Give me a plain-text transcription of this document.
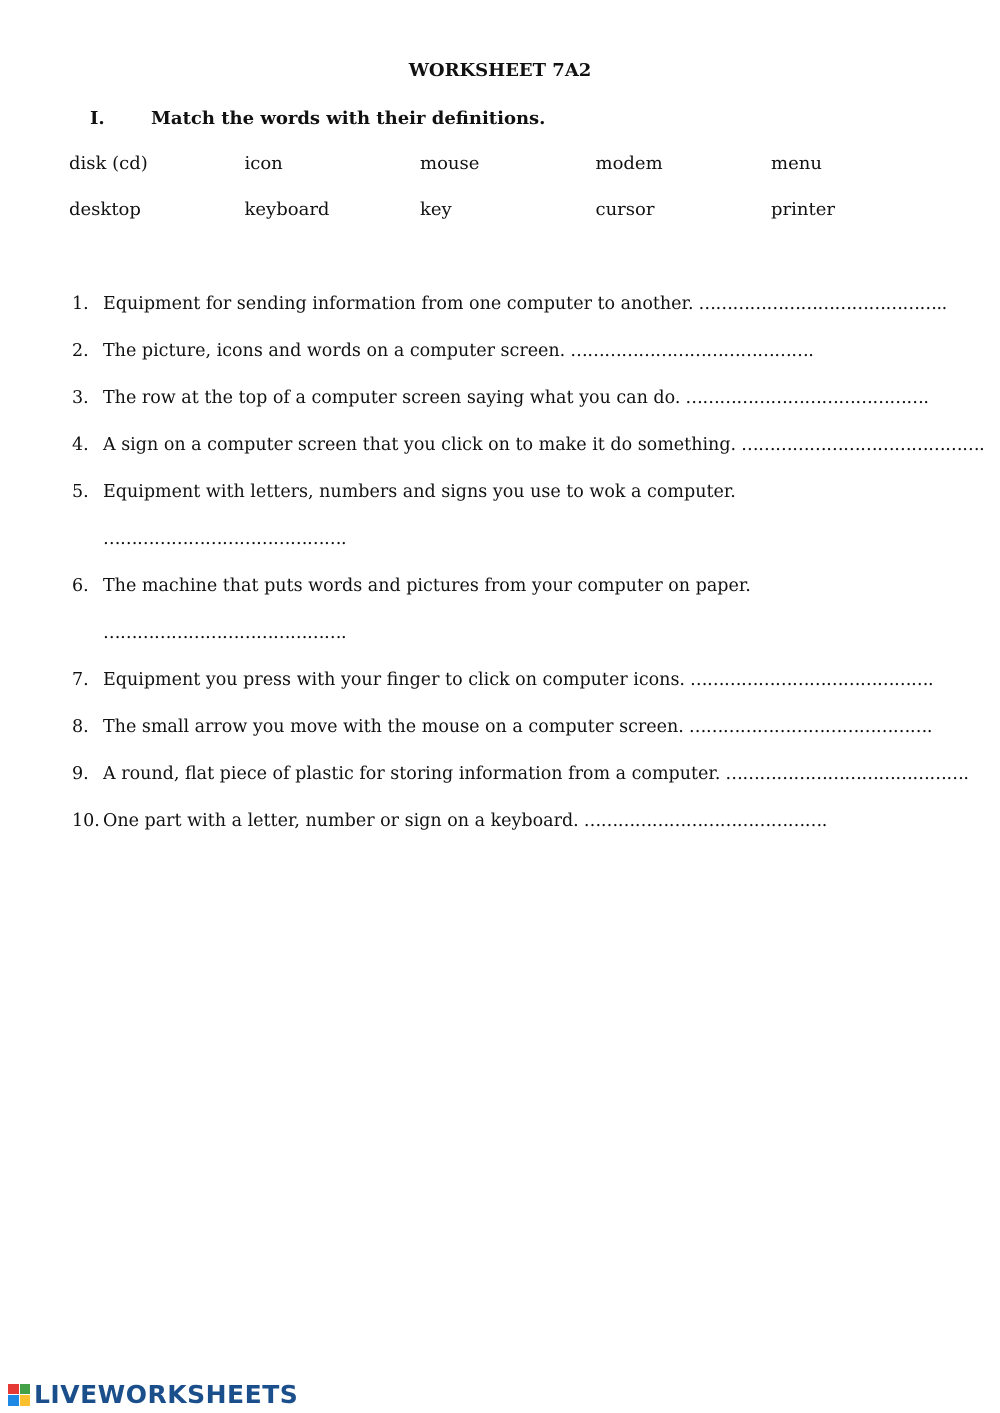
WORKSHEET 7A2
I.	Match the words with their definitions.
disk (cd)	icon	mouse	modem	menu
desktop	keyboard	key	cursor	printer
1. Equipment for sending information from one computer to another. ……………………………………..
2. The picture, icons and words on a computer screen. …………………………………….
3. The row at the top of a computer screen saying what you can do. …………………………………….
4. A sign on a computer screen that you click on to make it do something. …………………………………….
5. Equipment with letters, numbers and signs you use to wok a computer.
…………………………………….
6. The machine that puts words and pictures from your computer on paper.
…………………………………….
7. Equipment you press with your finger to click on computer icons. …………………………………….
8. The small arrow you move with the mouse on a computer screen. …………………………………….
9. A round, flat piece of plastic for storing information from a computer. …………………………………….
10. One part with a letter, number or sign on a keyboard. …………………………………….
LIVEWORKSHEETS
